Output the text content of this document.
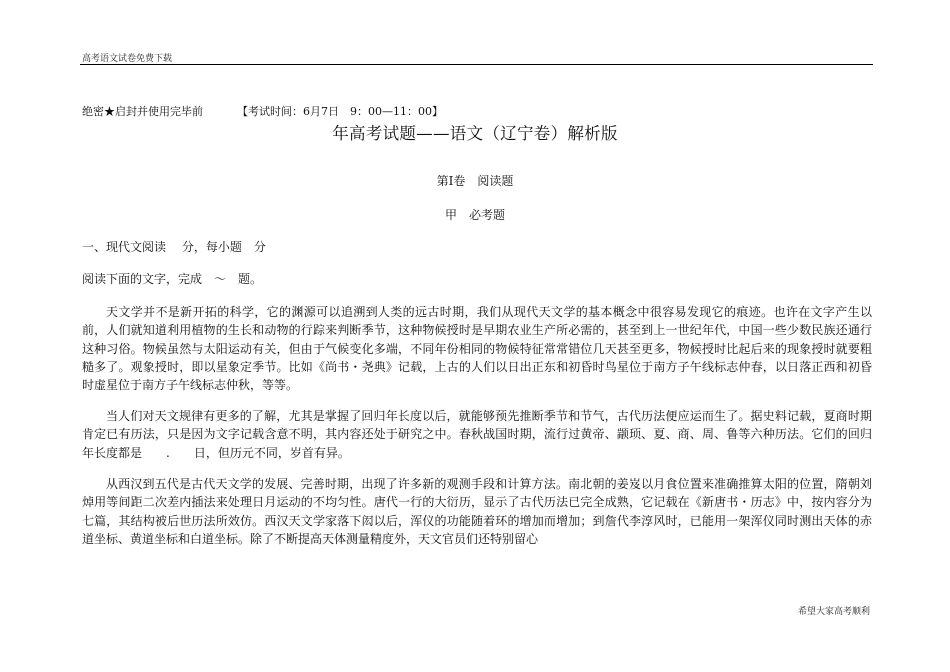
高考语文试卷免费下载
绝密★启封并使用完毕前	【考试时间：6月7日　9：00—11：00】
年高考试题——语文（辽宁卷）解析版
第Ⅰ卷　阅读题
甲　必考题
一、现代文阅读　 分，每小题　分
阅读下面的文字，完成　～　题。

天文学并不是新开拓的科学，它的渊源可以追溯到人类的远古时期，我们从现代天文学的基本概念中很容易发现它的痕迹。也许在文字产生以前，人们就知道利用植物的生长和动物的行踪来判断季节，这种物候授时是早期农业生产所必需的，甚至到上一世纪年代，中国一些少数民族还通行这种习俗。物候虽然与太阳运动有关，但由于气候变化多端，不同年份相同的物候特征常常错位几天甚至更多，物候授时比起后来的现象授时就要粗糙多了。观象授时，即以星象定季节。比如《尚书・尧典》记载，上古的人们以日出正东和初昏时鸟星位于南方子午线标志仲春，以日落正西和初昏时虚星位于南方子午线标志仲秋，等等。

当人们对天文规律有更多的了解，尤其是掌握了回归年长度以后，就能够预先推断季节和节气，古代历法便应运而生了。据史料记载，夏商时期肯定已有历法，只是因为文字记载含意不明，其内容还处于研究之中。春秋战国时期，流行过黄帝、颛顼、夏、商、周、鲁等六种历法。它们的回归年长度都是　　.　　日，但历元不同，岁首有异。

从西汉到五代是古代天文学的发展、完善时期，出现了许多新的观测手段和计算方法。南北朝的姜岌以月食位置来准确推算太阳的位置，隋朝刘焯用等间距二次差内插法来处理日月运动的不均匀性。唐代一行的大衍历，显示了古代历法已完全成熟，它记载在《新唐书・历志》中，按内容分为七篇，其结构被后世历法所效仿。西汉天文学家落下闳以后，浑仪的功能随着环的增加而增加；到詹代李淳风时，已能用一架浑仪同时测出天体的赤道坐标、黄道坐标和白道坐标。除了不断提高天体测量精度外，天文官员们还特别留心

希望大家高考顺利
